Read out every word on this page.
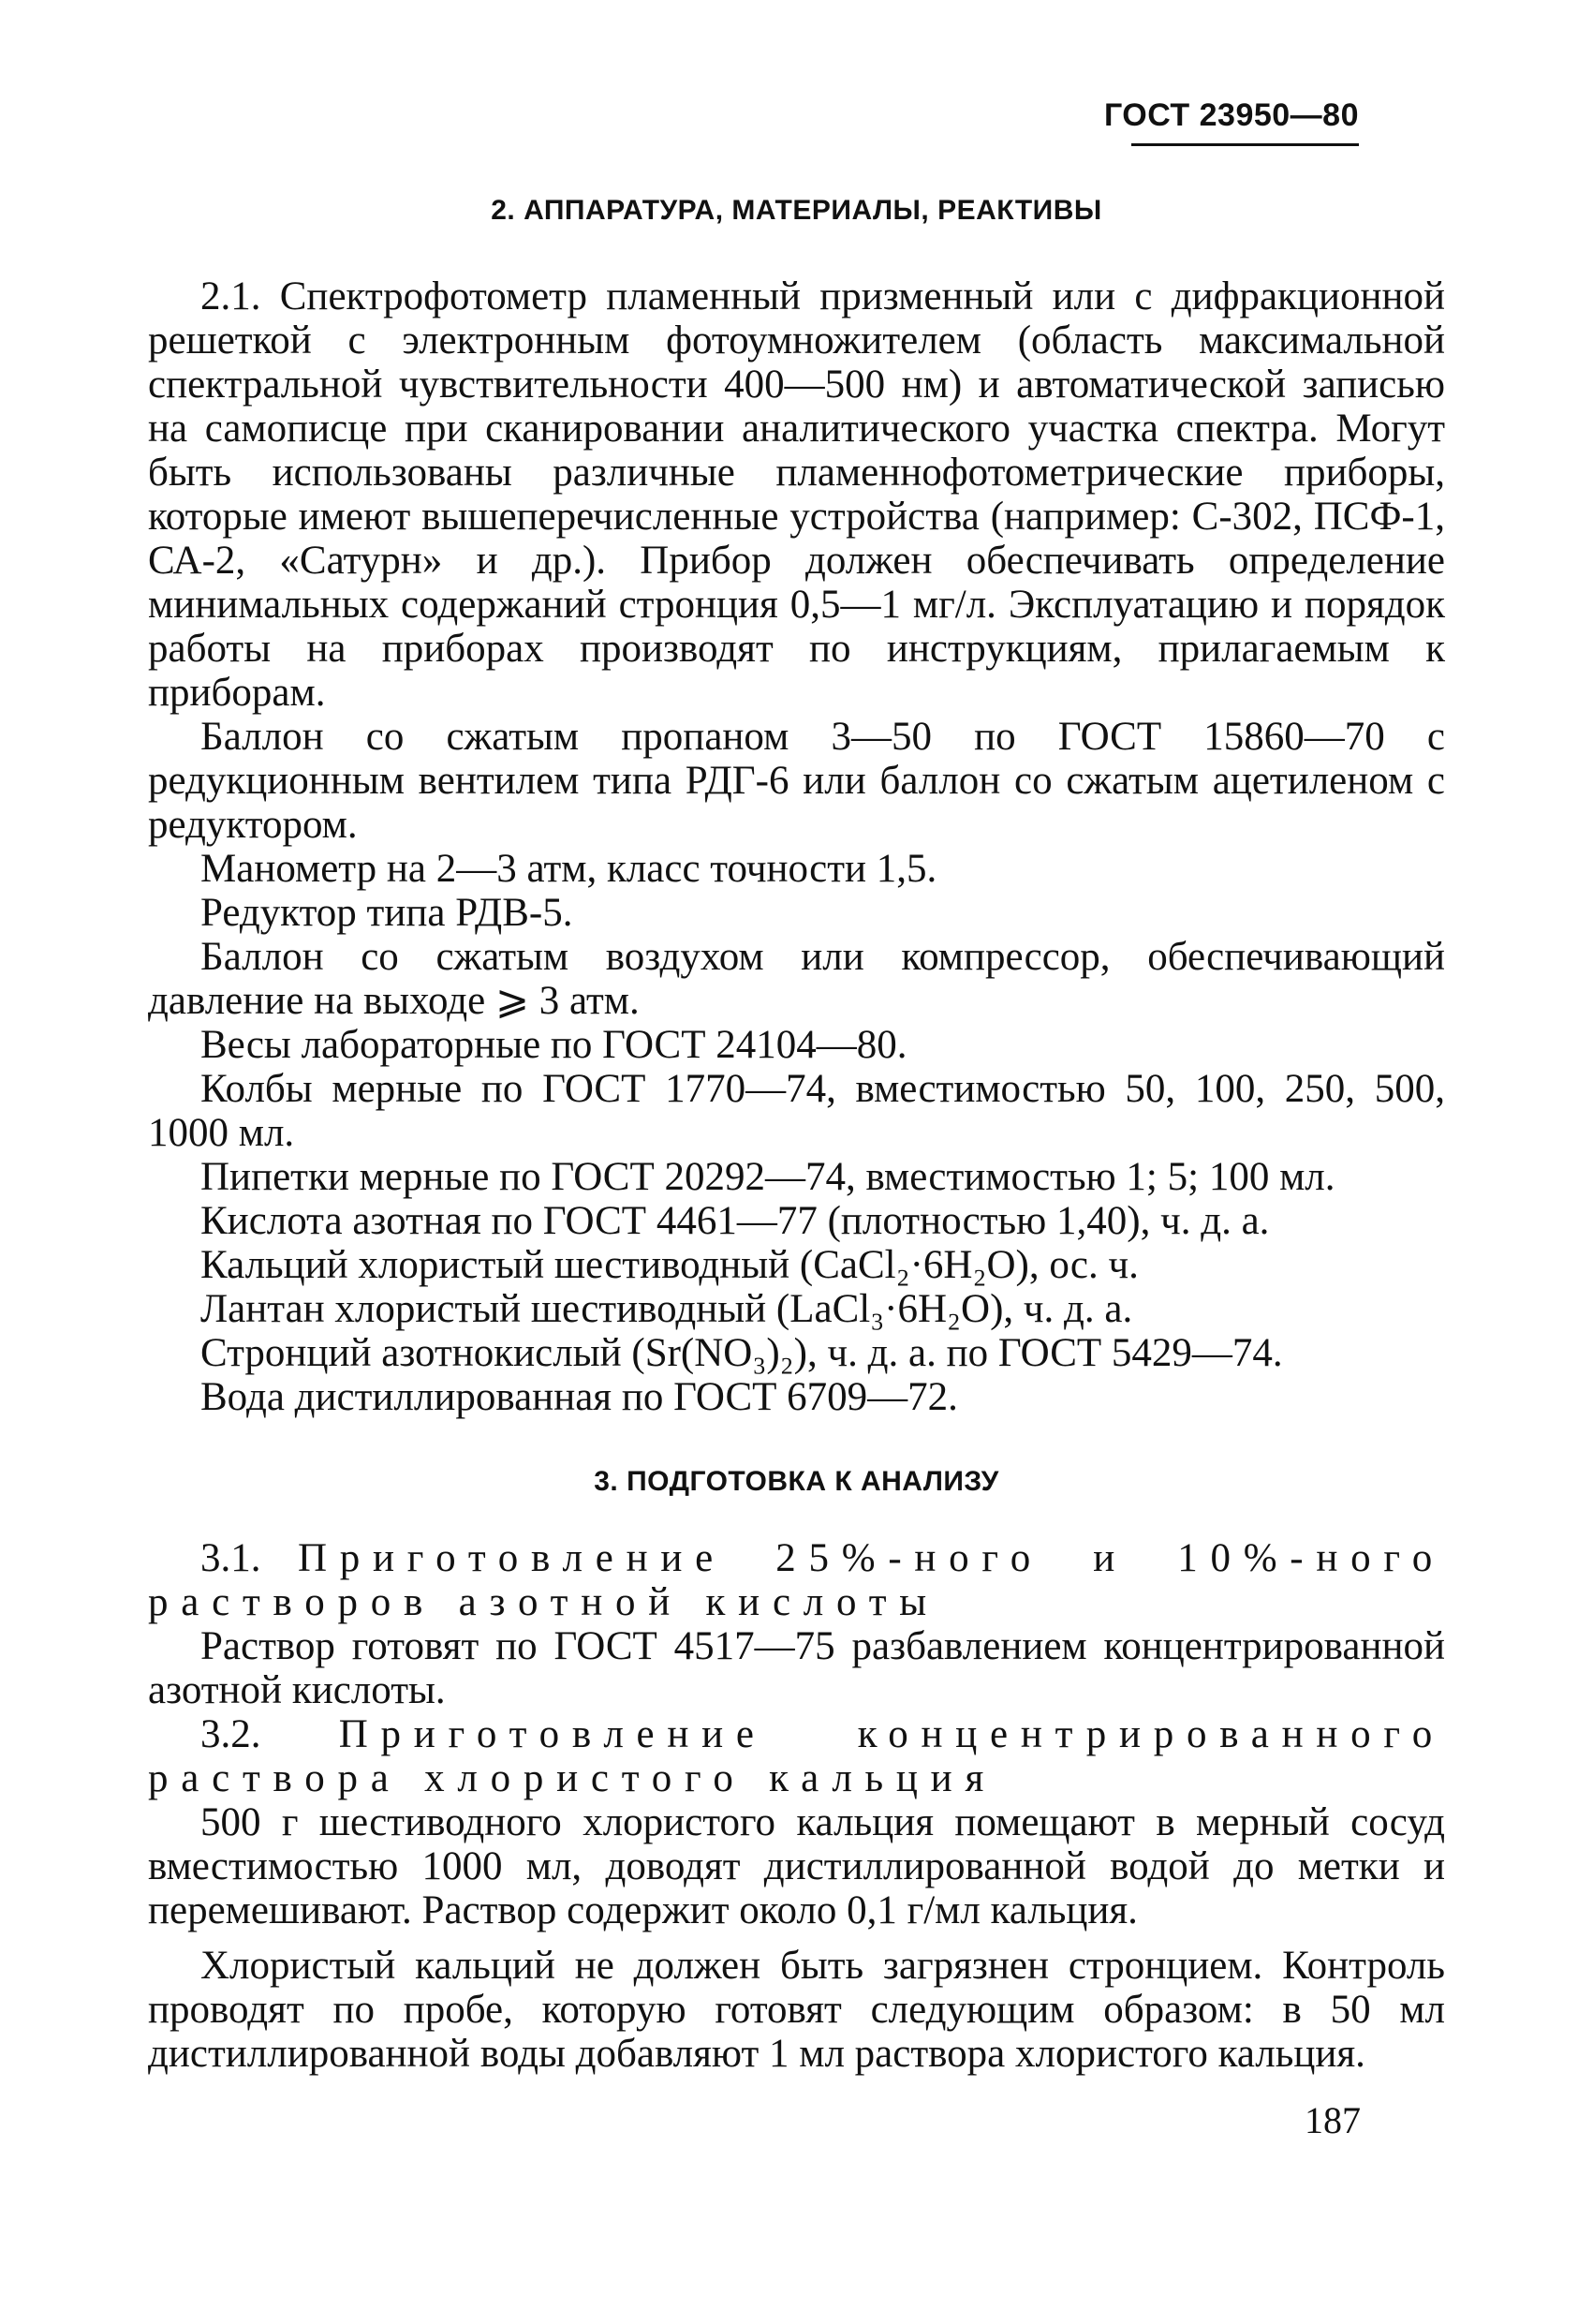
ГОСТ 23950—80
2. АППАРАТУРА, МАТЕРИАЛЫ, РЕАКТИВЫ

2.1. Спектрофотометр пламенный призменный или с дифракционной решеткой с электронным фотоумножителем (область максимальной спектральной чувствительности 400—500 нм) и автоматической записью на самописце при сканировании аналитического участка спектра. Могут быть использованы различные пламеннофотометрические приборы, которые имеют вышеперечисленные устройства (например: С-302, ПСФ-1, СА-2, «Сатурн» и др.). Прибор должен обеспечивать определение минимальных содержаний стронция 0,5—1 мг/л. Эксплуатацию и порядок работы на приборах производят по инструкциям, прилагаемым к приборам.

Баллон со сжатым пропаном 3—50 по ГОСТ 15860—70 с редукционным вентилем типа РДГ-6 или баллон со сжатым ацетиленом с редуктором.

Манометр на 2—3 атм, класс точности 1,5.

Редуктор типа РДВ-5.

Баллон со сжатым воздухом или компрессор, обеспечивающий давление на выходе ⩾ 3 атм.

Весы лабораторные по ГОСТ 24104—80.

Колбы мерные по ГОСТ 1770—74, вместимостью 50, 100, 250, 500, 1000 мл.

Пипетки мерные по ГОСТ 20292—74, вместимостью 1; 5; 100 мл.

Кислота азотная по ГОСТ 4461—77 (плотностью 1,40), ч. д. а.

Кальций хлористый шестиводный (CaCl₂·6H₂O), ос. ч.

Лантан хлористый шестиводный (LaCl₃·6H₂O), ч. д. а.

Стронций азотнокислый (Sr(NO₃)₂), ч. д. а. по ГОСТ 5429—74.

Вода дистиллированная по ГОСТ 6709—72.

3. ПОДГОТОВКА К АНАЛИЗУ

3.1. Приготовление 25%-ного и 10%-ного растворов азотной кислоты

Раствор готовят по ГОСТ 4517—75 разбавлением концентрированной азотной кислоты.

3.2. Приготовление концентрированного раствора хлористого кальция

500 г шестиводного хлористого кальция помещают в мерный сосуд вместимостью 1000 мл, доводят дистиллированной водой до метки и перемешивают. Раствор содержит около 0,1 г/мл кальция.

Хлористый кальций не должен быть загрязнен стронцием. Контроль проводят по пробе, которую готовят следующим образом: в 50 мл дистиллированной воды добавляют 1 мл раствора хлористого кальция.

187
